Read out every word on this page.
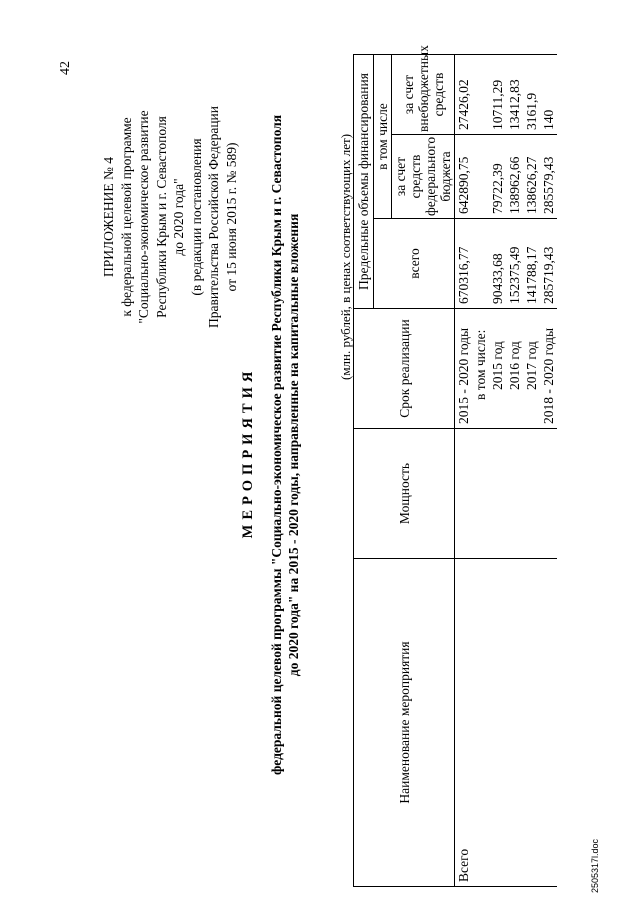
42
ПРИЛОЖЕНИЕ № 4 к федеральной целевой программе "Социально-экономическое развитие Республики Крым и г. Севастополя до 2020 года" (в редакции постановления Правительства Российской Федерации от 15 июня 2015 г. № 589)
МЕРОПРИЯТИЯ федеральной целевой программы "Социально-экономическое развитие Республики Крым и г. Севастополя до 2020 года" на 2015 - 2020 годы, направленные на капитальные вложения	(млн. рублей, в ценах соответствующих лет)
Наименование мероприятия	Мощность	Срок реализации	Предельные объемы финансирования		
			всего	в том числе	
				за счет средств федерального бюджета	за счет внебюджетных средств
Всего		2015 - 2020 годы	670316,77	642890,75	27426,02
		в том числе:			
		2015 год	90433,68	79722,39	10711,29
		2016 год	152375,49	138962,66	13412,83
		2017 год	141788,17	138626,27	3161,9
		2018 - 2020 годы	285719,43	285579,43	140
2505317l.doc
